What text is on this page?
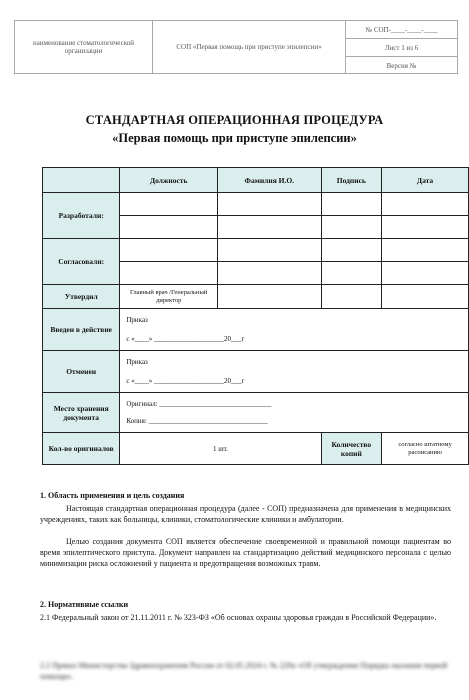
наименование стоматологической организации	СОП «Первая помощь при приступе эпилепсии»
№ СОП-____-____-____
Лист 1 из 6
Версия №
СТАНДАРТНАЯ ОПЕРАЦИОННАЯ ПРОЦЕДУРА
«Первая помощь при приступе эпилепсии»
	Должность	Фамилия И.О.	Подпись	Дата
Разработали:				

Согласовали:				

Утвердил	Главный врач /Генеральный директор			
Введен в действие	Приказ
с «____» ____________________20___г			

Отменен	Приказ
с «____» ____________________20___г			

Место хранения документа	Оригинал: ________________________________
Копия: __________________________________			

Кол-во оригиналов	1 шт.		Количество копий	согласно штатному расписанию
1. Область применения и цель создания
Настоящая стандартная операционная процедура (далее - СОП) предназначена для применения в медицинских учреждениях, таких как больницы, клиники, стоматологические клиники и амбулатории.
Целью создания документа СОП является обеспечение своевременной и правильной помощи пациентам во время эпилептического приступа. Документ направлен на стандартизацию действий медицинского персонала с целью минимизации риска осложнений у пациента и предотвращения возможных травм.
2. Нормативные ссылки
2.1 Федеральный закон от 21.11.2011 г. № 323-ФЗ «Об основах охраны здоровья граждан в Российской Федерации».
2.2 Приказ Министерства Здравоохранения России от 02.05.2024 г. № 220н «Об утверждении Порядка оказания первой помощи».
